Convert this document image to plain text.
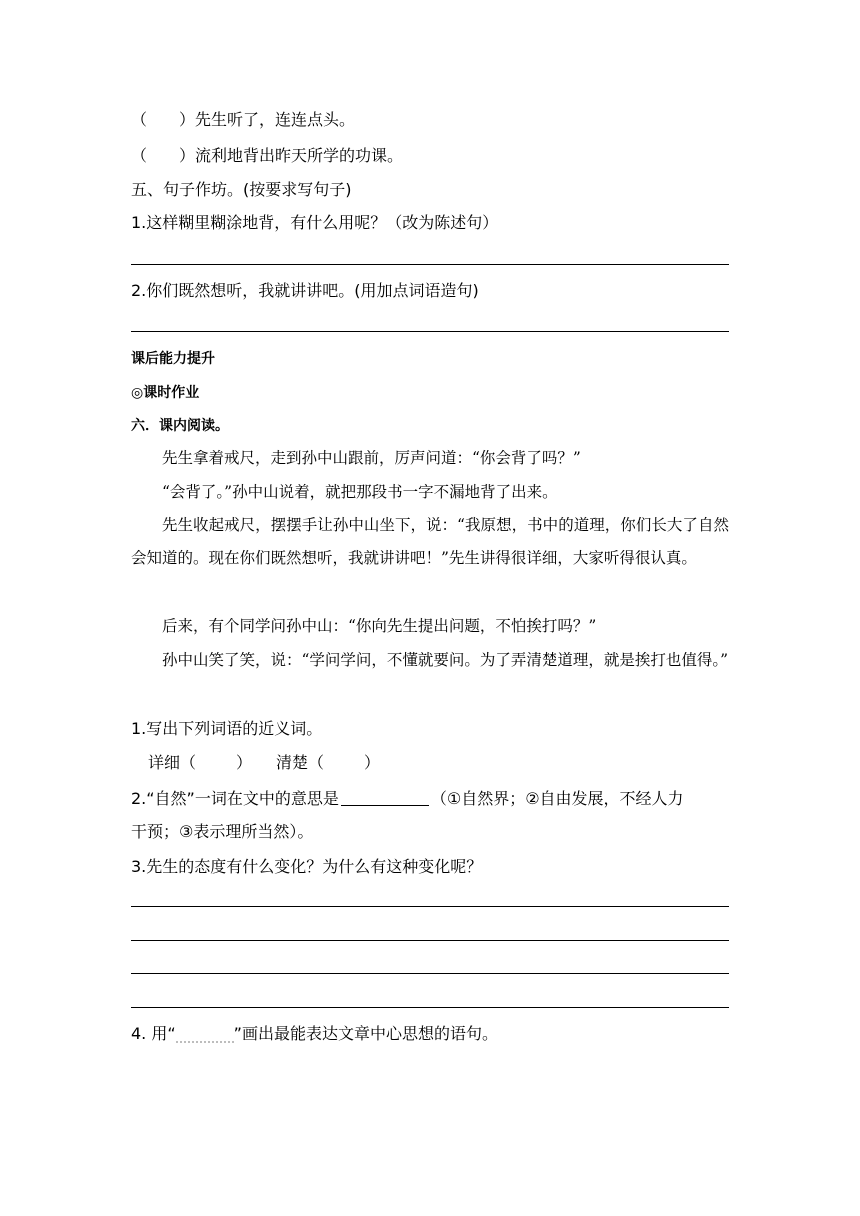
（　　）先生听了，连连点头。
（　　）流利地背出昨天所学的功课。
五、句子作坊。(按要求写句子)
1.这样糊里糊涂地背，有什么用呢？（改为陈述句）
2.你们既然想听，我就讲讲吧。(用加点词语造句)
课后能力提升
◎课时作业
六．课内阅读。
先生拿着戒尺，走到孙中山跟前，厉声问道：“你会背了吗？”
“会背了。”孙中山说着，就把那段书一字不漏地背了出来。
先生收起戒尺，摆摆手让孙中山坐下，说：“我原想，书中的道理，你们长大了自然会知道的。现在你们既然想听，我就讲讲吧！”先生讲得很详细，大家听得很认真。
后来，有个同学问孙中山：“你向先生提出问题，不怕挨打吗？”
孙中山笑了笑，说：“学问学问，不懂就要问。为了弄清楚道理，就是挨打也值得。”
1.写出下列词语的近义词。
详细（	） 清楚（	）
2.“自然”一词在文中的意思是	（①自然界；②自由发展，不经人力
干预；③表示理所当然）。
3.先生的态度有什么变化？为什么有这种变化呢？
4. 用“	”画出最能表达文章中心思想的语句。
